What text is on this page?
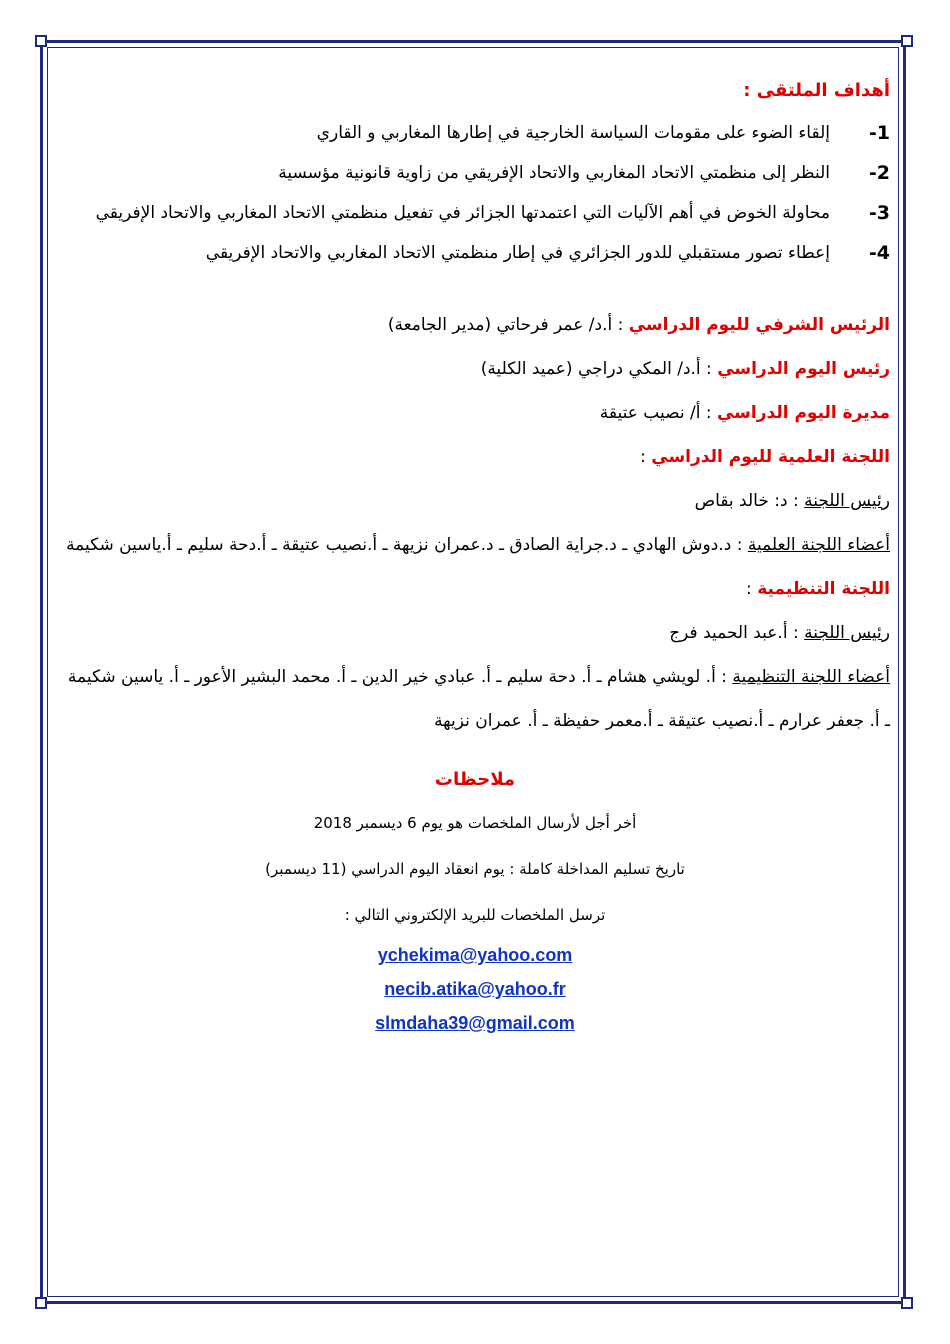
أهداف الملتقى :
1-
إلقاء الضوء على مقومات السياسة الخارجية في إطارها المغاربي و القاري
2-
النظر إلى منظمتي الاتحاد المغاربي والاتحاد الإفريقي من زاوية قانونية مؤسسية
3-
محاولة الخوض في أهم الآليات التي اعتمدتها الجزائر في تفعيل منظمتي الاتحاد المغاربي والاتحاد الإفريقي
4-
إعطاء تصور مستقبلي للدور الجزائري في إطار منظمتي الاتحاد المغاربي والاتحاد الإفريقي
الرئيس الشرفي لليوم الدراسي : أ.د/ عمر فرحاتي (مدير الجامعة)
رئيس اليوم الدراسي : أ.د/ المكي دراجي (عميد الكلية)
مديرة اليوم الدراسي : أ/ نصيب عتيقة
اللجنة العلمية لليوم الدراسي :
رئيس اللجنة : د: خالد بقاص
أعضاء اللجنة العلمية : د.دوش الهادي ـ د.جراية الصادق ـ د.عمران نزيهة ـ أ.نصيب عتيقة ـ أ.دحة سليم ـ أ.ياسين شكيمة
اللجنة التنظيمية :
رئيس اللجنة : أ.عبد الحميد فرج
أعضاء اللجنة التنظيمية : أ. لويشي هشام ـ أ. دحة سليم ـ أ. عبادي خير الدين ـ أ. محمد البشير الأعور ـ أ. ياسين شكيمة ـ أ. جعفر عرارم ـ أ.نصيب عتيقة ـ أ.معمر حفيظة ـ أ. عمران نزيهة
ملاحظات
أخر أجل لأرسال الملخصات هو يوم 6 ديسمبر 2018
تاريخ تسليم المداخلة كاملة : يوم انعقاد اليوم الدراسي (11 ديسمبر)
ترسل الملخصات للبريد الإلكتروني التالي :
ychekima@yahoo.com
necib.atika@yahoo.fr
slmdaha39@gmail.com
